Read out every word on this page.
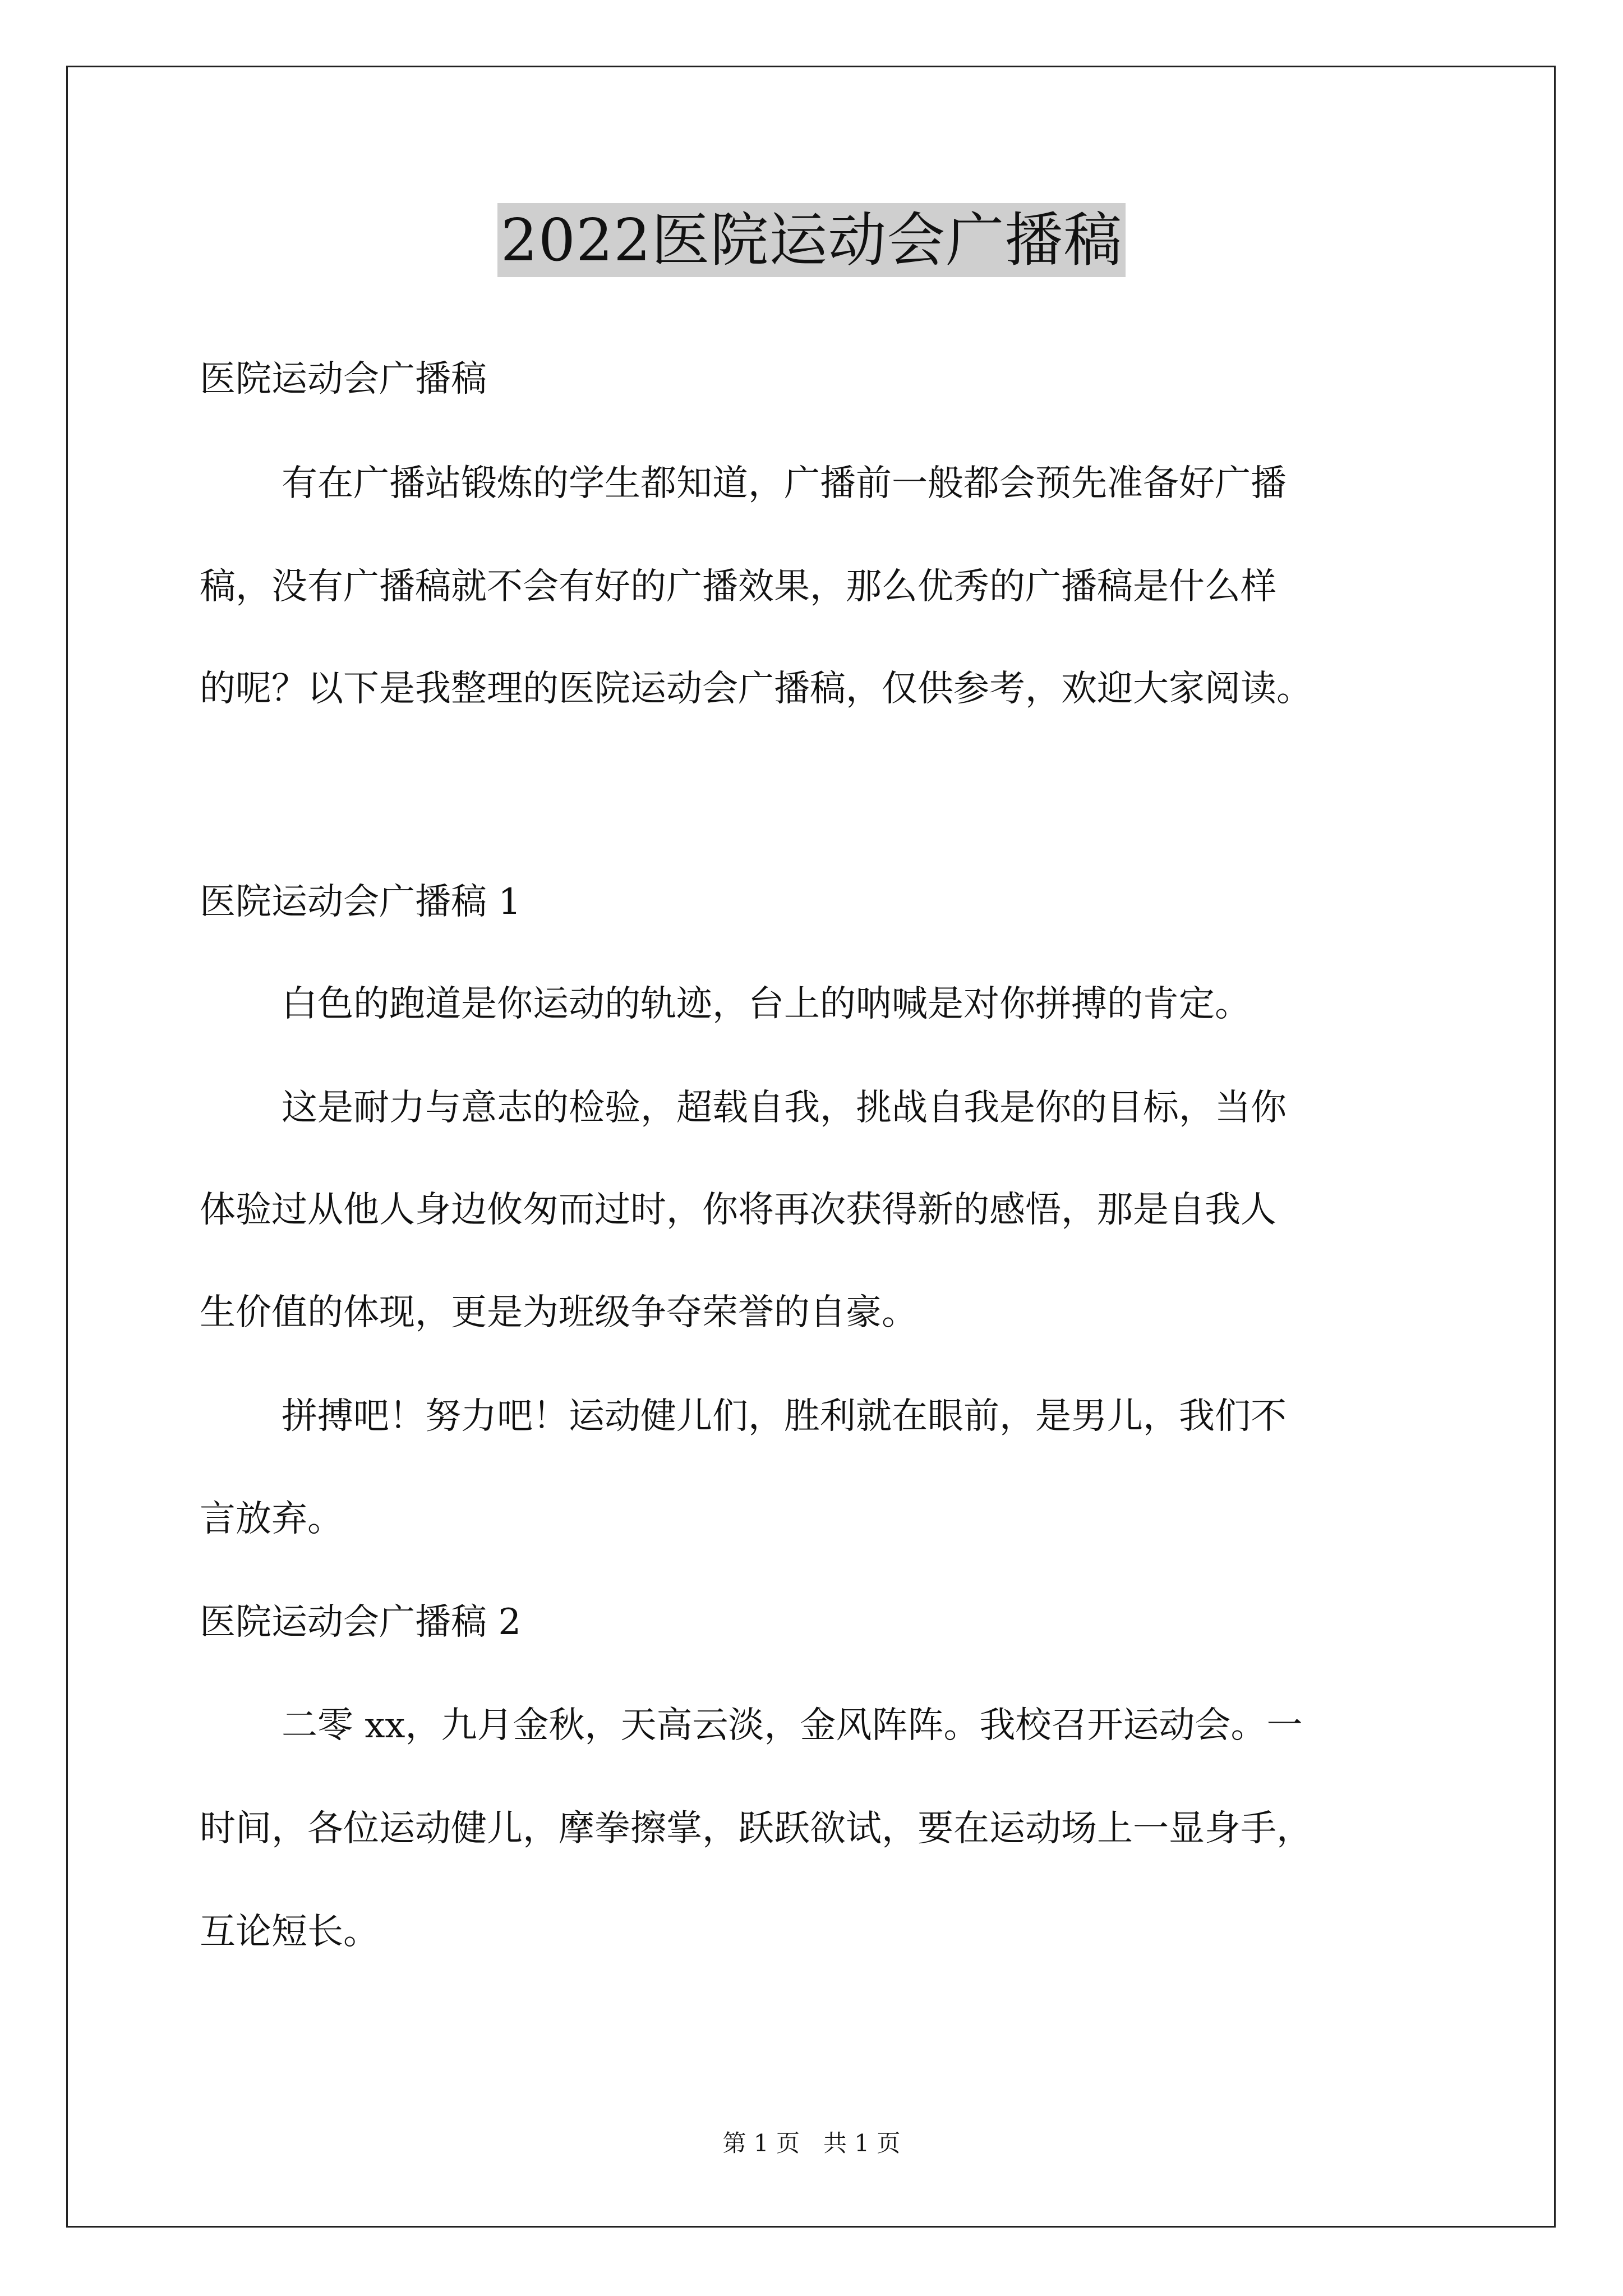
2022医院运动会广播稿
医院运动会广播稿
有在广播站锻炼的学生都知道，广播前一般都会预先准备好广播
稿，没有广播稿就不会有好的广播效果，那么优秀的广播稿是什么样
的呢？以下是我整理的医院运动会广播稿，仅供参考，欢迎大家阅读。
医院运动会广播稿 1
白色的跑道是你运动的轨迹，台上的呐喊是对你拼搏的肯定。
这是耐力与意志的检验，超载自我，挑战自我是你的目标，当你
体验过从他人身边攸匆而过时，你将再次获得新的感悟，那是自我人
生价值的体现，更是为班级争夺荣誉的自豪。
拼搏吧！努力吧！运动健儿们，胜利就在眼前，是男儿，我们不
言放弃。
医院运动会广播稿 2
二零 xx，九月金秋，天高云淡，金风阵阵。我校召开运动会。一
时间，各位运动健儿，摩拳擦掌，跃跃欲试，要在运动场上一显身手，
互论短长。
第 1 页　共 1 页
